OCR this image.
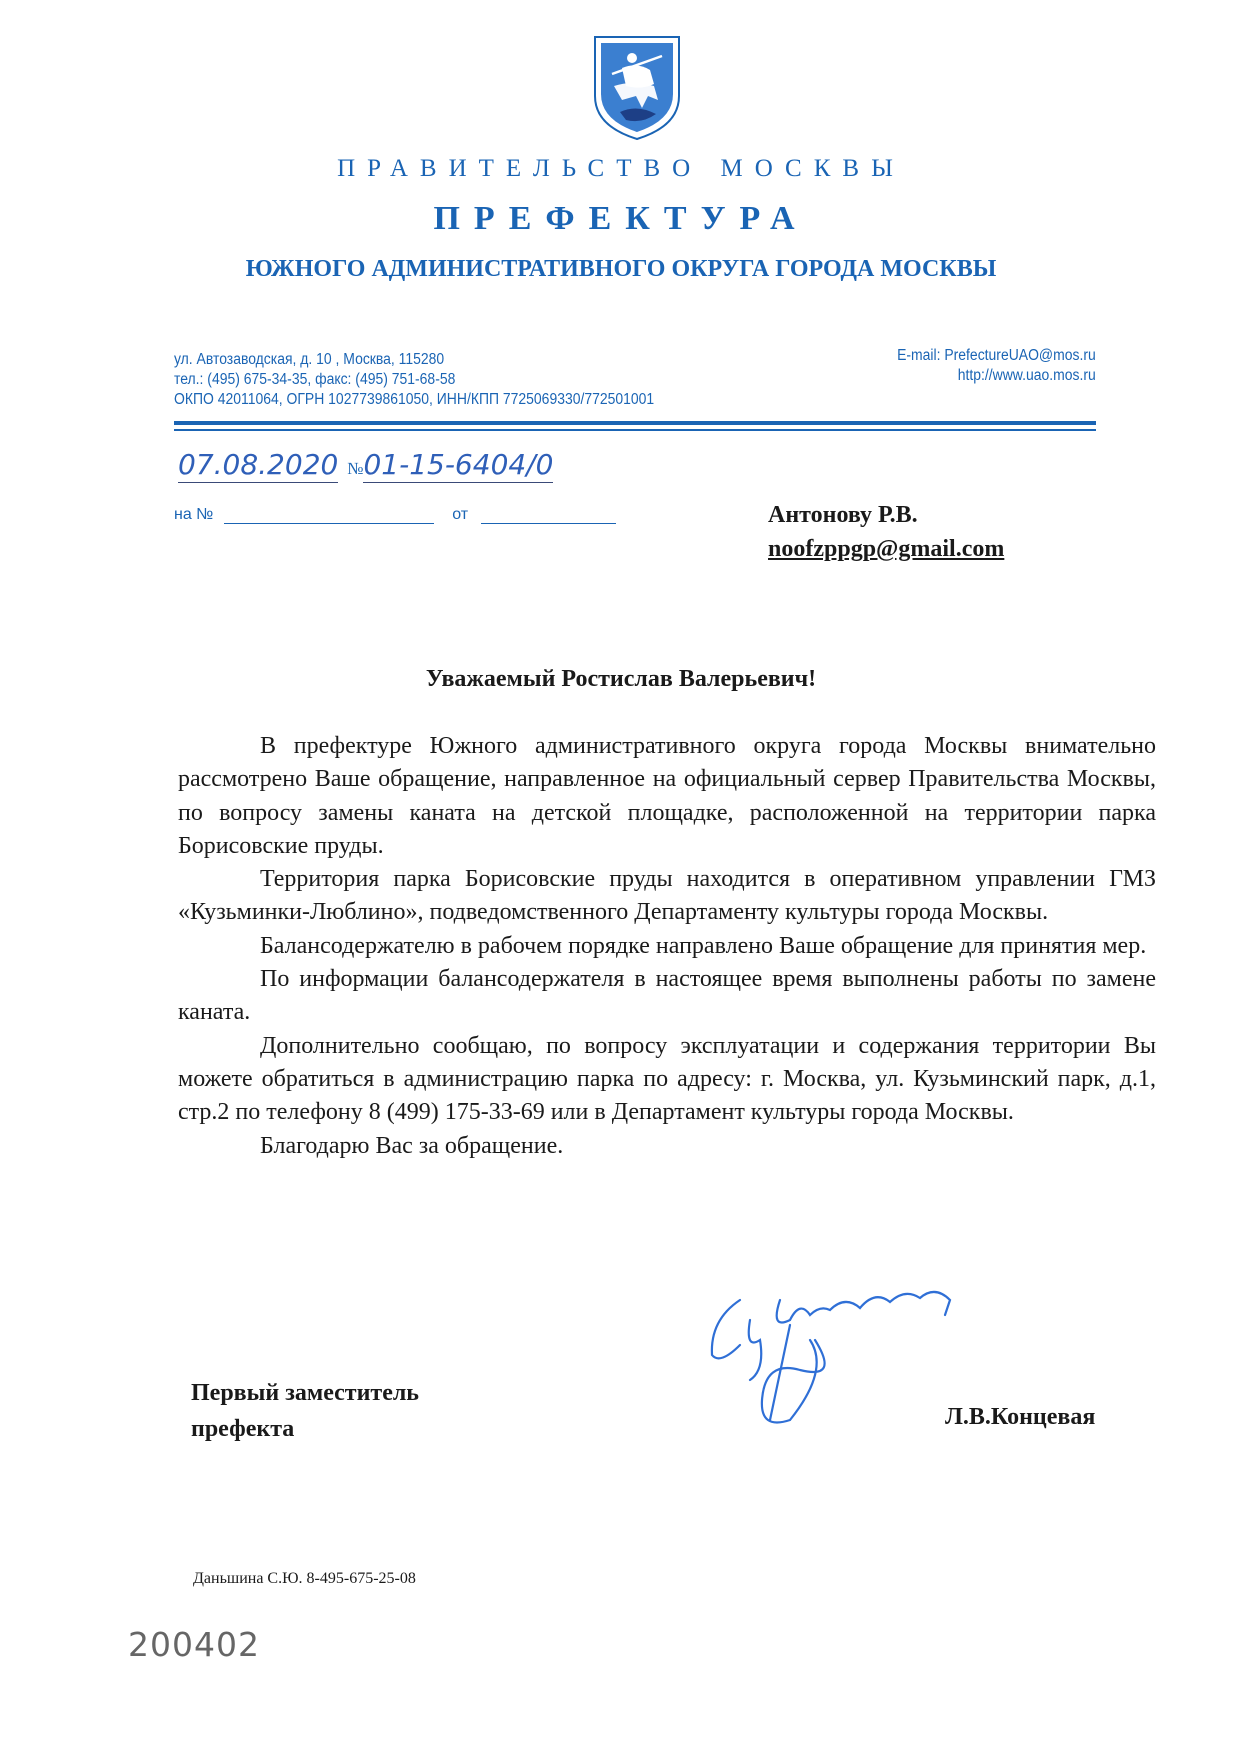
ПРАВИТЕЛЬСТВО МОСКВЫ
ПРЕФЕКТУРА
ЮЖНОГО АДМИНИСТРАТИВНОГО ОКРУГА ГОРОДА МОСКВЫ
ул. Автозаводская, д. 10 , Москва, 115280
тел.: (495) 675-34-35, факс: (495) 751-68-58
ОКПО 42011064, ОГРН 1027739861050, ИНН/КПП 7725069330/772501001
E-mail: PrefectureUAO@mos.ru
http://www.uao.mos.ru
07.08.2020 №01-15-6404/0
на №	от	Антонову Р.В.
noofzppgp@gmail.com
Уважаемый Ростислав Валерьевич!

В префектуре Южного административного округа города Москвы внимательно рассмотрено Ваше обращение, направленное на официальный сервер Правительства Москвы, по вопросу замены каната на детской площадке, расположенной на территории парка Борисовские пруды.

Территория парка Борисовские пруды находится в оперативном управлении ГМЗ «Кузьминки-Люблино», подведомственного Департаменту культуры города Москвы.

Балансодержателю в рабочем порядке направлено Ваше обращение для принятия мер.

По информации балансодержателя в настоящее время выполнены работы по замене каната.

Дополнительно сообщаю, по вопросу эксплуатации и содержания территории Вы можете обратиться в администрацию парка по адресу: г. Москва, ул. Кузьминский парк, д.1, стр.2 по телефону 8 (499) 175-33-69 или в Департамент культуры города Москвы.

Благодарю Вас за обращение.

Первый заместитель
префекта	Л.В.Концевая
Даньшина С.Ю. 8-495-675-25-08
200402
